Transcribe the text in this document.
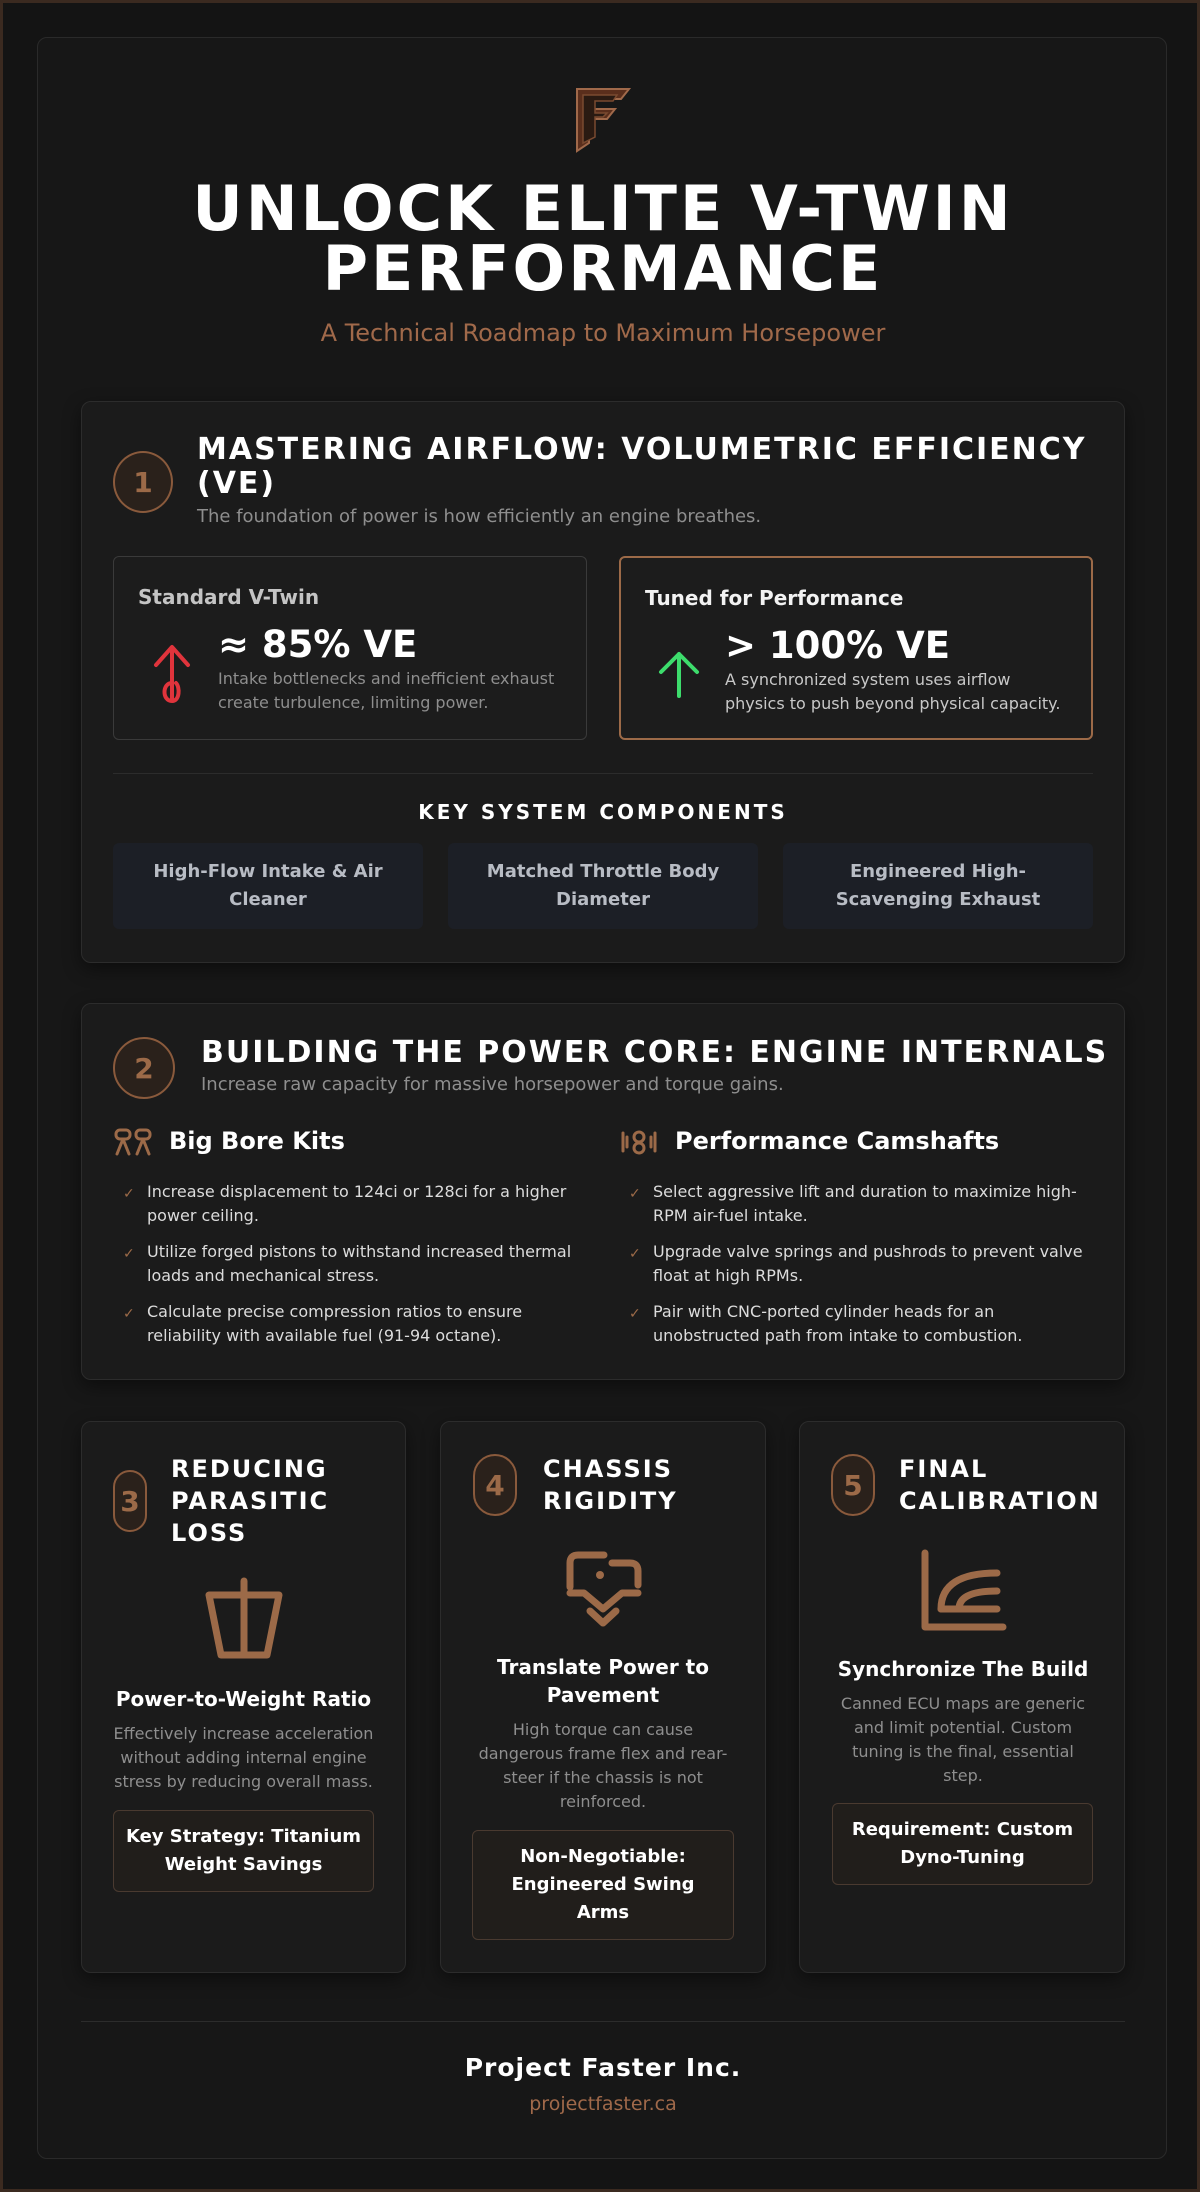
UNLOCK ELITE V-TWIN
PERFORMANCE
A Technical Roadmap to Maximum Horsepower
1
MASTERING AIRFLOW: VOLUMETRIC EFFICIENCY
(VE)
The foundation of power is how efficiently an engine breathes.
Standard V-Twin
≈ 85% VE
Intake bottlenecks and inefficient exhaust create turbulence, limiting power.
Tuned for Performance
> 100% VE
A synchronized system uses airflow physics to push beyond physical capacity.
KEY SYSTEM COMPONENTS
High-Flow Intake & Air Cleaner
Matched Throttle Body Diameter
Engineered High-Scavenging Exhaust
2	BUILDING THE POWER CORE: ENGINE INTERNALS
Increase raw capacity for massive horsepower and torque gains.
Big Bore Kits	Performance Camshafts
✓ Increase displacement to 124ci or 128ci for a higher power ceiling.
✓ Utilize forged pistons to withstand increased thermal loads and mechanical stress.
✓ Calculate precise compression ratios to ensure reliability with available fuel (91-94 octane).
✓ Select aggressive lift and duration to maximize high-RPM air-fuel intake.
✓ Upgrade valve springs and pushrods to prevent valve float at high RPMs.
✓ Pair with CNC-ported cylinder heads for an unobstructed path from intake to combustion.
3
REDUCING
PARASITIC
LOSS
Power-to-Weight Ratio
Effectively increase acceleration without adding internal engine stress by reducing overall mass.
Key Strategy: Titanium Weight Savings
4	CHASSIS
RIGIDITY
Translate Power to Pavement
High torque can cause dangerous frame flex and rear-steer if the chassis is not reinforced.
Non-Negotiable: Engineered Swing Arms
5	FINAL
CALIBRATION
Synchronize The Build
Canned ECU maps are generic and limit potential. Custom tuning is the final, essential step.
Requirement: Custom Dyno-Tuning
Project Faster Inc.
projectfaster.ca
